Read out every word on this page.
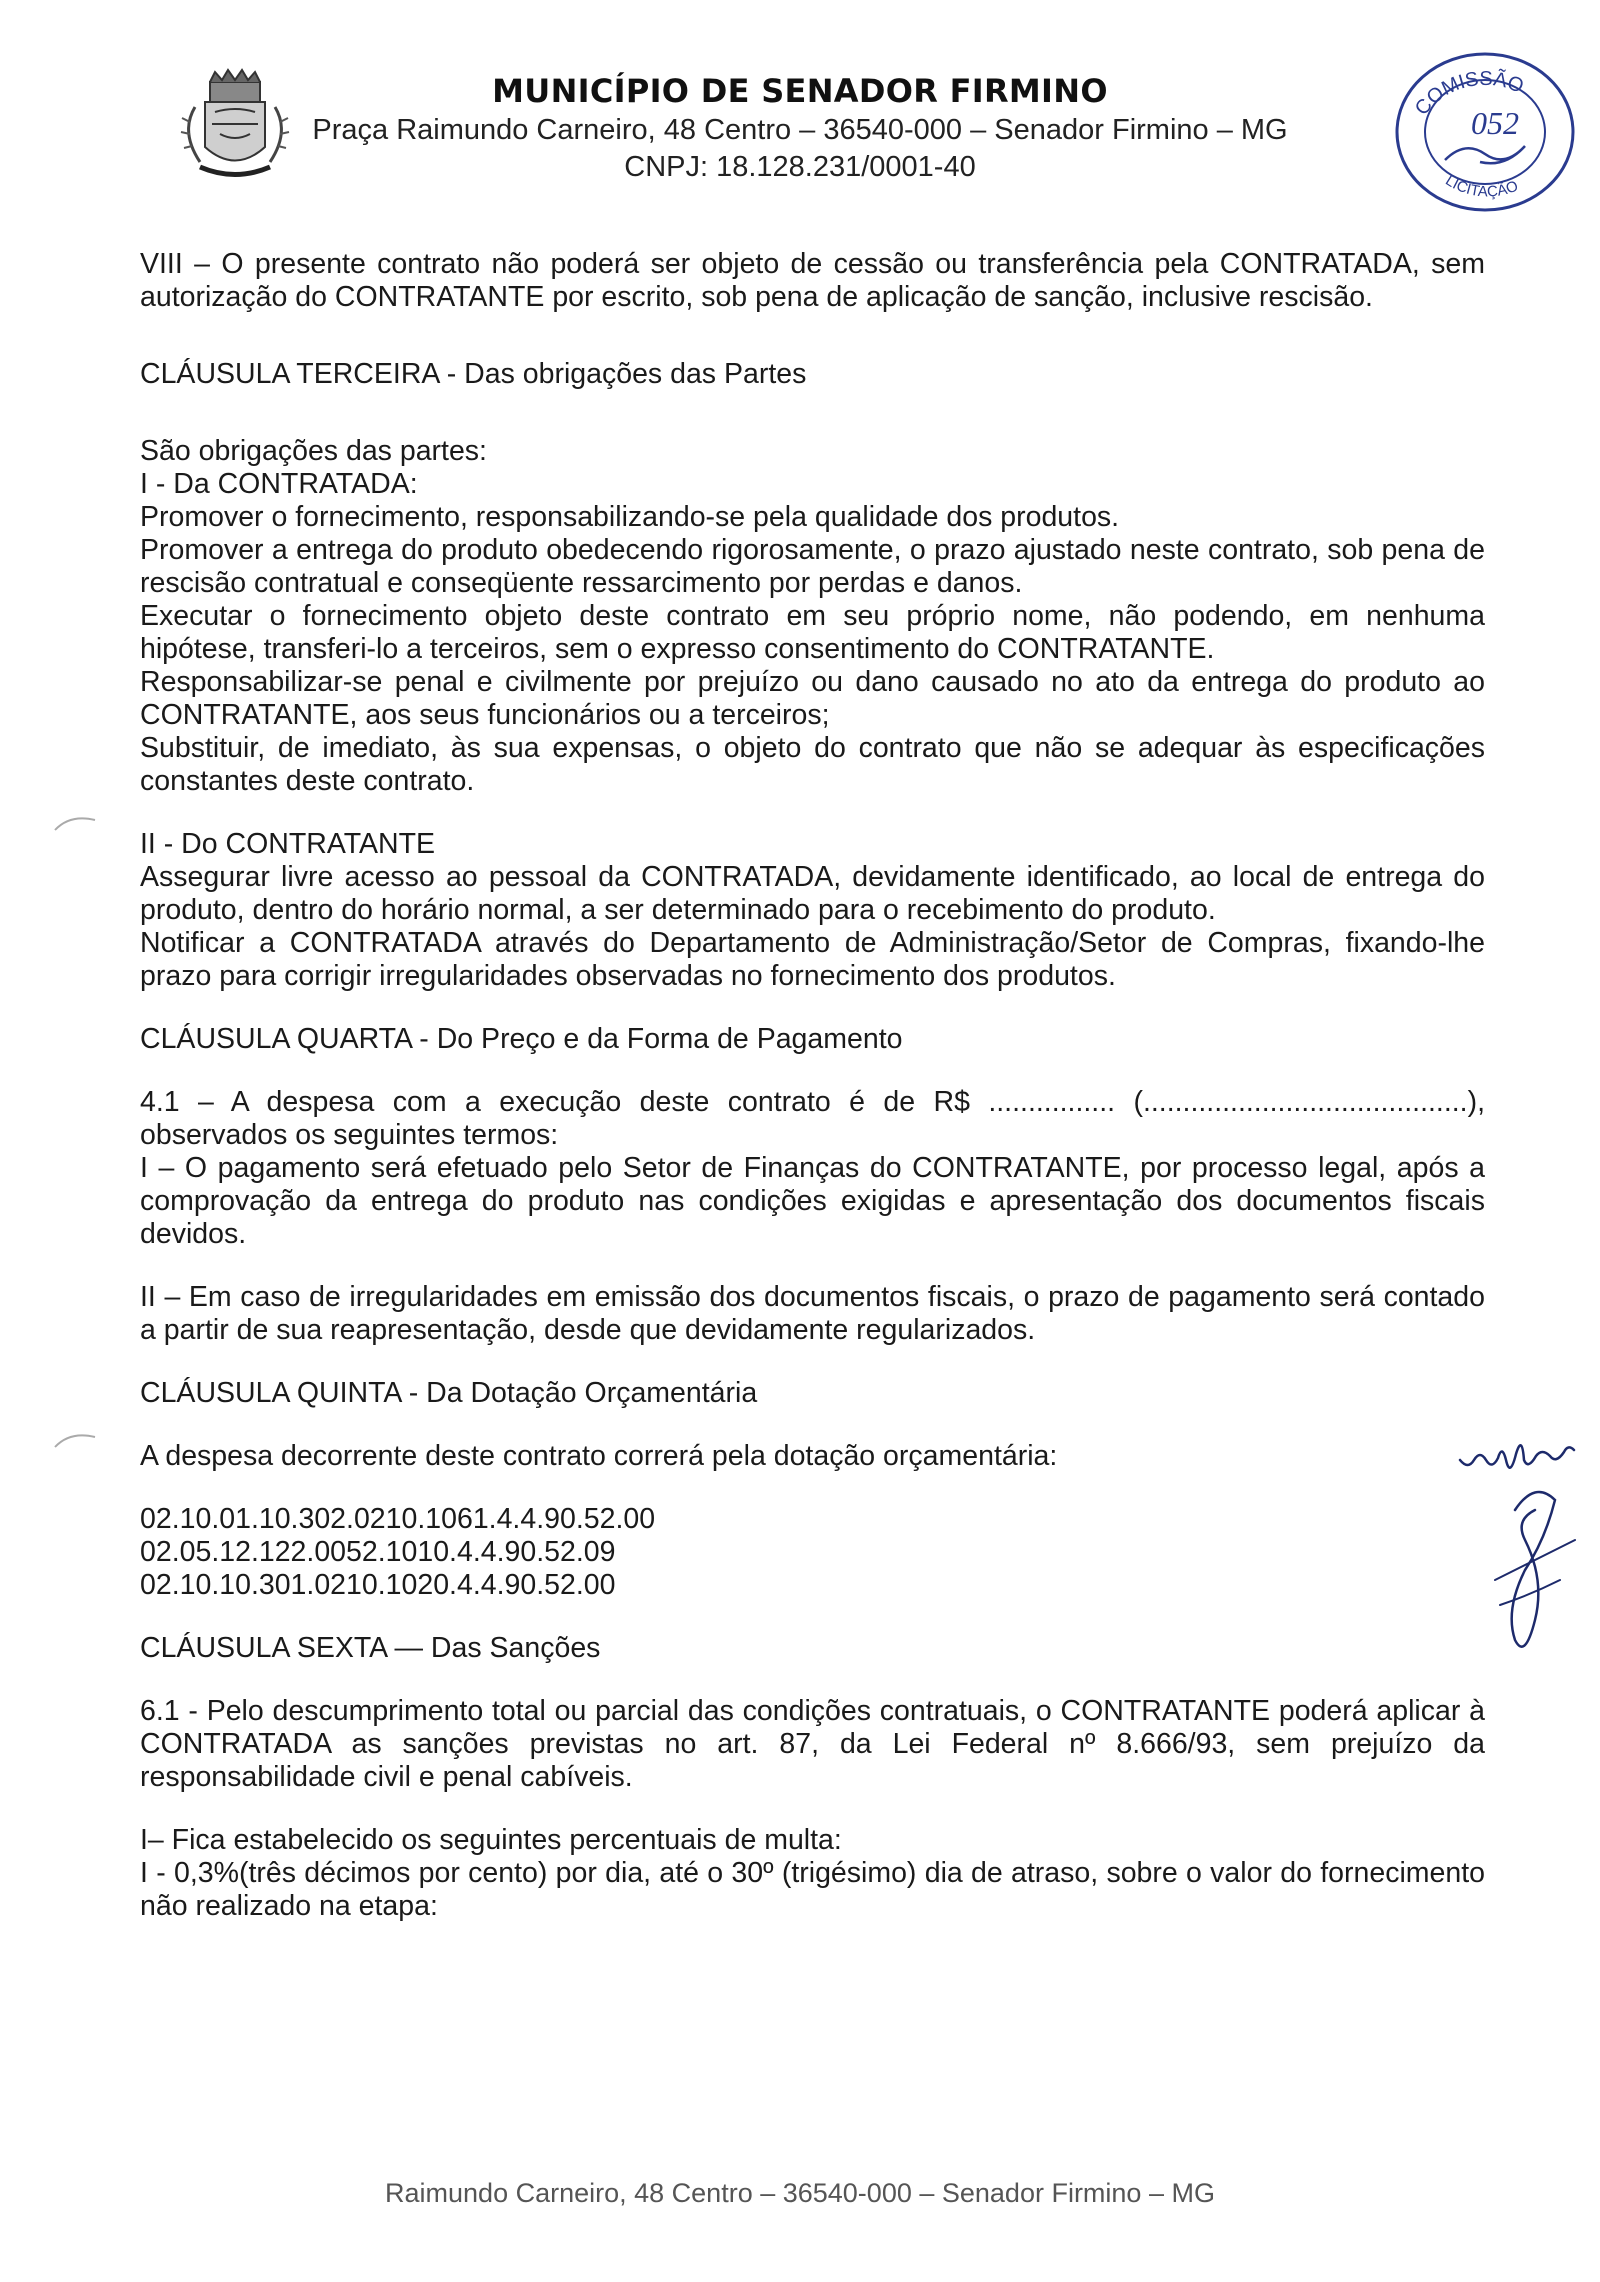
MUNICÍPIO DE SENADOR FIRMINO
Praça Raimundo Carneiro, 48 Centro – 36540-000 – Senador Firmino – MG
CNPJ: 18.128.231/0001-40
COMISSÃO
LICITAÇÃO
052

VIII – O presente contrato não poderá ser objeto de cessão ou transferência pela CONTRATADA, sem autorização do CONTRATANTE por escrito, sob pena de aplicação de sanção, inclusive rescisão.

CLÁUSULA TERCEIRA - Das obrigações das Partes

São obrigações das partes:

I - Da CONTRATADA:

Promover o fornecimento, responsabilizando-se pela qualidade dos produtos.

Promover a entrega do produto obedecendo rigorosamente, o prazo ajustado neste contrato, sob pena de rescisão contratual e conseqüente ressarcimento por perdas e danos.

Executar o fornecimento objeto deste contrato em seu próprio nome, não podendo, em nenhuma hipótese, transferi-lo a terceiros, sem o expresso consentimento do CONTRATANTE.

Responsabilizar-se penal e civilmente por prejuízo ou dano causado no ato da entrega do produto ao CONTRATANTE, aos seus funcionários ou a terceiros;

Substituir, de imediato, às sua expensas, o objeto do contrato que não se adequar às especificações constantes deste contrato.

II - Do CONTRATANTE

Assegurar livre acesso ao pessoal da CONTRATADA, devidamente identificado, ao local de entrega do produto, dentro do horário normal, a ser determinado para o recebimento do produto.

Notificar a CONTRATADA através do Departamento de Administração/Setor de Compras, fixando-lhe prazo para corrigir irregularidades observadas no fornecimento dos produtos.

CLÁUSULA QUARTA - Do Preço e da Forma de Pagamento

4.1 – A despesa com a execução deste contrato é de R$ ................ (.........................................), observados os seguintes termos:

I – O pagamento será efetuado pelo Setor de Finanças do CONTRATANTE, por processo legal, após a comprovação da entrega do produto nas condições exigidas e apresentação dos documentos fiscais devidos.

II – Em caso de irregularidades em emissão dos documentos fiscais, o prazo de pagamento será contado a partir de sua reapresentação, desde que devidamente regularizados.

CLÁUSULA QUINTA - Da Dotação Orçamentária

A despesa decorrente deste contrato correrá pela dotação orçamentária:

02.10.01.10.302.0210.1061.4.4.90.52.00

02.05.12.122.0052.1010.4.4.90.52.09

02.10.10.301.0210.1020.4.4.90.52.00

CLÁUSULA SEXTA — Das Sanções

6.1 - Pelo descumprimento total ou parcial das condições contratuais, o CONTRATANTE poderá aplicar à CONTRATADA as sanções previstas no art. 87, da Lei Federal nº 8.666/93, sem prejuízo da responsabilidade civil e penal cabíveis.

I– Fica estabelecido os seguintes percentuais de multa:

I - 0,3%(três décimos por cento) por dia, até o 30º (trigésimo) dia de atraso, sobre o valor do fornecimento não realizado na etapa:

Raimundo Carneiro, 48 Centro – 36540-000 – Senador Firmino – MG
